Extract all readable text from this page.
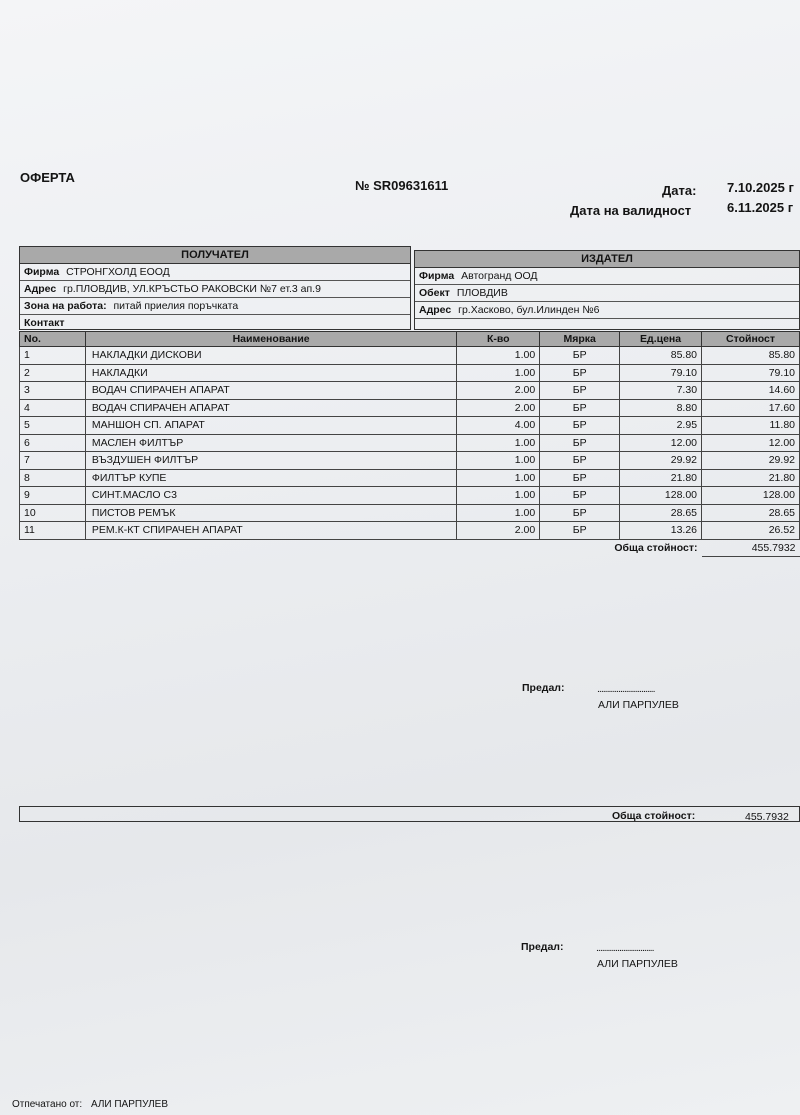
ОФЕРТА
№ SR09631611	Дата: 7.10.2025 г
Дата на валидност	6.11.2025 г
ПОЛУЧАТЕЛ
Фирма СТРОНГХОЛД ЕООД
Адрес гр.ПЛОВДИВ, УЛ.КРЪСТЬО РАКОВСКИ №7 ет.3 ап.9
Зона на работа: питай приелия поръчката
Контакт
ИЗДАТЕЛ
Фирма Автогранд ООД
Обект ПЛОВДИВ
Адрес гр.Хасково, бул.Илинден №6
No.	Наименование	К-во	Мярка	Ед.цена	Стойност
1	НАКЛАДКИ ДИСКОВИ	1.00	БР	85.80	85.80
2	НАКЛАДКИ	1.00	БР	79.10	79.10
3	ВОДАЧ СПИРАЧЕН АПАРАТ	2.00	БР	7.30	14.60
4	ВОДАЧ СПИРАЧЕН АПАРАТ	2.00	БР	8.80	17.60
5	МАНШОН СП. АПАРАТ	4.00	БР	2.95	11.80
6	МАСЛЕН ФИЛТЪР	1.00	БР	12.00	12.00
7	ВЪЗДУШЕН ФИЛТЪР	1.00	БР	29.92	29.92
8	ФИЛТЪР КУПЕ	1.00	БР	21.80	21.80
9	СИНТ.МАСЛО С3	1.00	БР	128.00	128.00
10	ПИСТОВ РЕМЪК	1.00	БР	28.65	28.65
11	РЕМ.К-КТ СПИРАЧЕН АПАРАТ	2.00	БР	13.26	26.52
Обща стойност:					455.7932
Предал:	..............................
АЛИ ПАРПУЛЕВ
Обща стойност:	455.7932
Предал:	..............................
АЛИ ПАРПУЛЕВ
Отпечатано от: АЛИ ПАРПУЛЕВ
